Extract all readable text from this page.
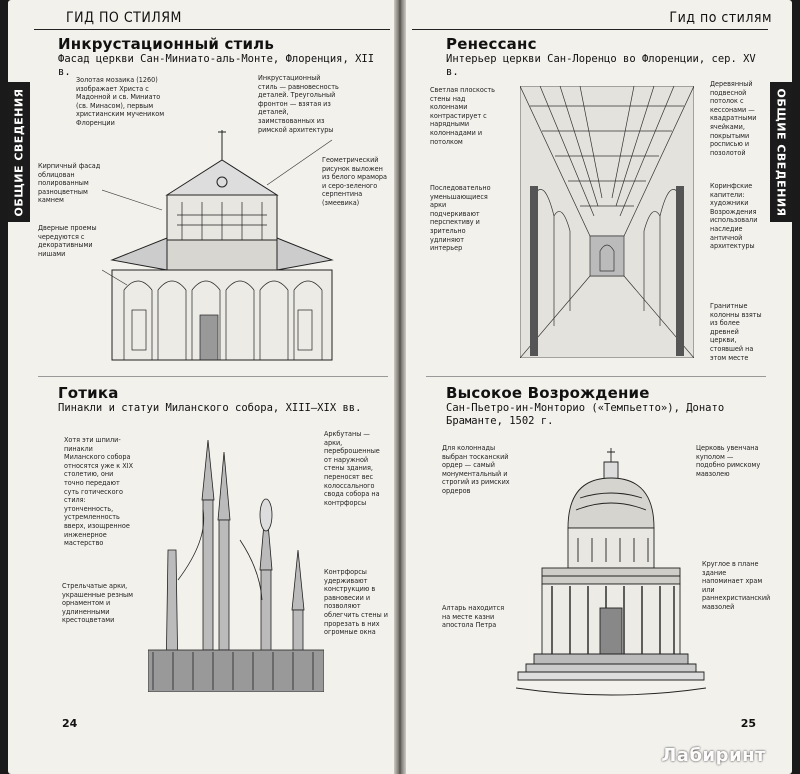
ГИД ПО СТИЛЯМ
ОБЩИЕ СВЕДЕНИЯ
Инкрустационный стиль
Фасад церкви Сан-Миниато-аль-Монте, Флоренция, XII в.
Золотая мозаика (1260) изображает Христа с Мадонной и св. Миниато (св. Минасом), первым христианским мучеником Флоренции
Инкрустационный стиль — равновесность деталей. Треугольный фронтон — взятая из деталей, заимствованных из римской архитектуры
Кирпичный фасад облицован полированным разноцветным камнем
Геометрический рисунок выложен из белого мрамора и серо-зеленого серпентина (змеевика)
Дверные проемы чередуются с декоративными нишами
Готика
Пинакли и статуи Миланского собора, XIII–XIX вв.
Хотя эти шпили-пинакли Миланского собора относятся уже к XIX столетию, они точно передают суть готического стиля: утонченность, устремленность вверх, изощренное инженерное мастерство
Аркбутаны — арки, переброшенные от наружной стены здания, переносят вес колоссального свода собора на контрфорсы
Стрельчатые арки, украшенные резным орнаментом и удлиненными крестоцветами
Контрфорсы удерживают конструкцию в равновесии и позволяют облегчить стены и прорезать в них огромные окна
24
Гид по стилям
ОБЩИЕ СВЕДЕНИЯ
Ренессанс
Интерьер церкви Сан-Лоренцо во Флоренции, сер. XV в.
Светлая плоскость стены над колоннами контрастирует с нарядными колоннадами и потолком
Деревянный подвесной потолок с кессонами — квадратными ячейками, покрытыми росписью и позолотой
Последовательно уменьшающиеся арки подчеркивают перспективу и зрительно удлиняют интерьер
Коринфские капители: художники Возрождения использовали наследие античной архитектуры
Гранитные колонны взяты из более древней церкви, стоявшей на этом месте
Высокое Возрождение
Сан-Пьетро-ин-Монторио («Темпьетто»), Донато Браманте, 1502 г.
Для колоннады выбран тосканский ордер — самый монументальный и строгий из римских ордеров
Церковь увенчана куполом — подобно римскому мавзолею
Круглое в плане здание напоминает храм или раннехристианский мавзолей
Алтарь находится на месте казни апостола Петра
25
Лабиринт
